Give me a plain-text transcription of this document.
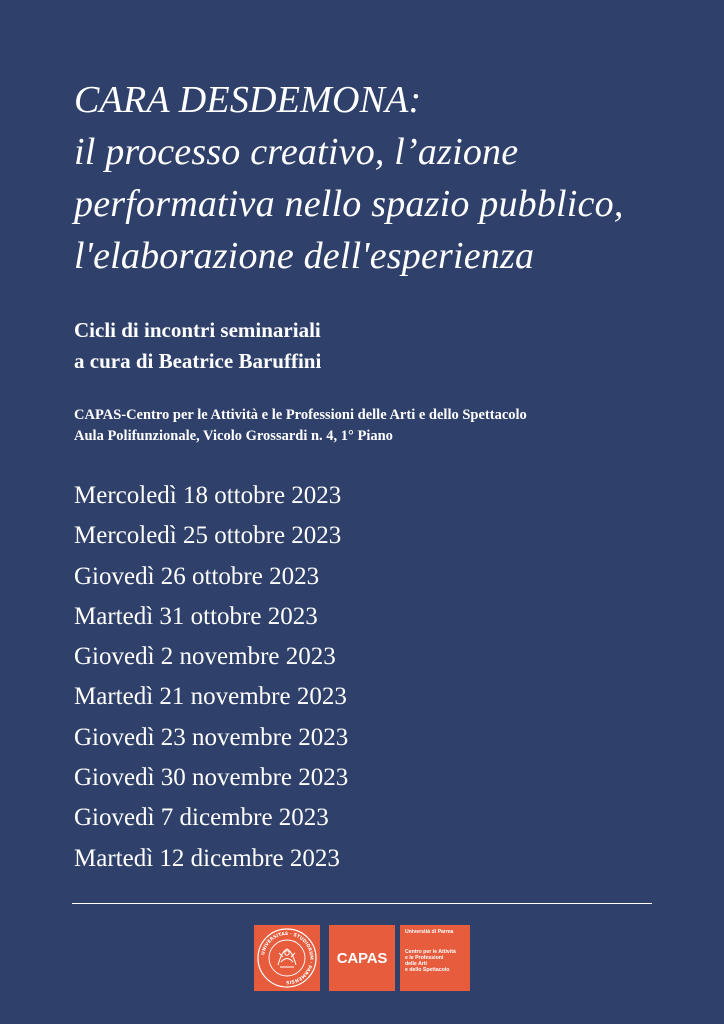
CARA DESDEMONA:
il processo creativo, l’azione
performativa nello spazio pubblico,
l'elaborazione dell'esperienza
Cicli di incontri seminariali
a cura di Beatrice Baruffini
CAPAS-Centro per le Attività e le Professioni delle Arti e dello Spettacolo
Aula Polifunzionale, Vicolo Grossardi n. 4, 1° Piano
Mercoledì 18 ottobre 2023
Mercoledì 25 ottobre 2023
Giovedì 26 ottobre 2023
Martedì 31 ottobre 2023
Giovedì 2 novembre 2023
Martedì 21 novembre 2023
Giovedì 23 novembre 2023
Giovedì 30 novembre 2023
Giovedì 7 dicembre 2023
Martedì 12 dicembre 2023
UNIVERSITAS · STUDIORUM · PARMENSIS
CAPAS
Università di Parma
Centro per le Attività
e le Professioni
delle Arti
e dello Spettacolo
